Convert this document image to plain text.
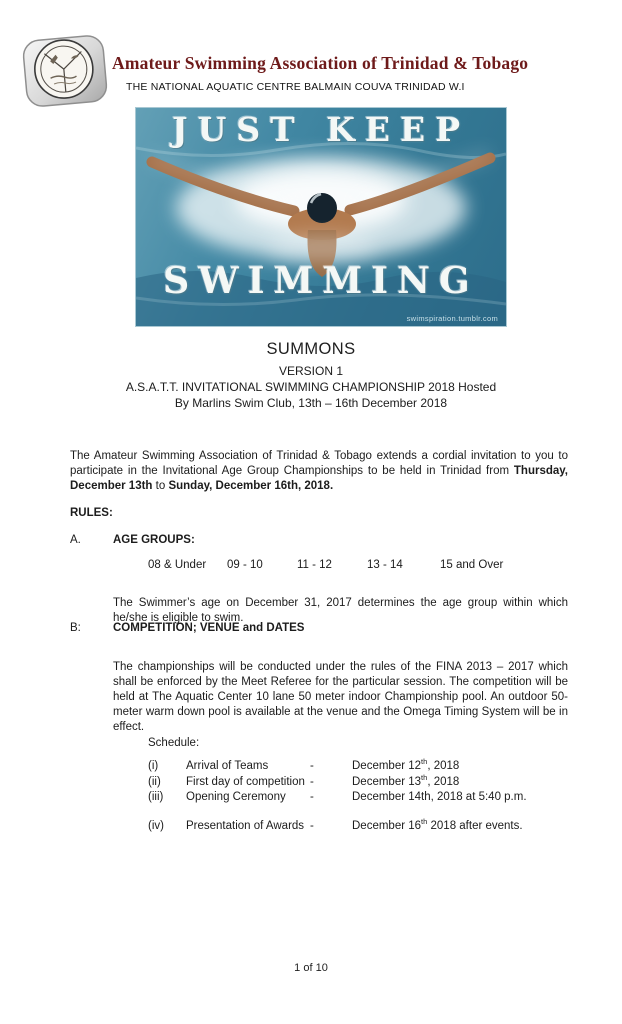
Amateur Swimming Association of Trinidad & Tobago
THE NATIONAL AQUATIC CENTRE BALMAIN COUVA TRINIDAD W.I
JUST KEEP
SWIMMING
swimspiration.tumblr.com
SUMMONS
VERSION 1
A.S.A.T.T. INVITATIONAL SWIMMING CHAMPIONSHIP 2018 Hosted
By Marlins Swim Club, 13th – 16th December 2018

The Amateur Swimming Association of Trinidad & Tobago extends a cordial invitation to you to participate in the Invitational Age Group Championships to be held in Trinidad from Thursday, December 13th to Sunday, December 16th, 2018.

RULES:
A.	AGE GROUPS:
08 & Under	09 - 10	11 - 12	13 - 14	15 and Over

The Swimmer’s age on December 31, 2017 determines the age group within which he/she is eligible to swim.

B:	COMPETITION; VENUE and DATES

The championships will be conducted under the rules of the FINA 2013 – 2017 which shall be enforced by the Meet Referee for the particular session. The competition will be held at The Aquatic Center 10 lane 50 meter indoor Championship pool. An outdoor 50-meter warm down pool is available at the venue and the Omega Timing System will be in effect.

Schedule:
(i)	Arrival of Teams	-	December 12th, 2018
(ii)	First day of competition -	December 13th, 2018
(iii)	Opening Ceremony	-	December 14th, 2018 at 5:40 p.m.
(iv)	Presentation of Awards -	December 16th 2018 after events.
1 of 10
